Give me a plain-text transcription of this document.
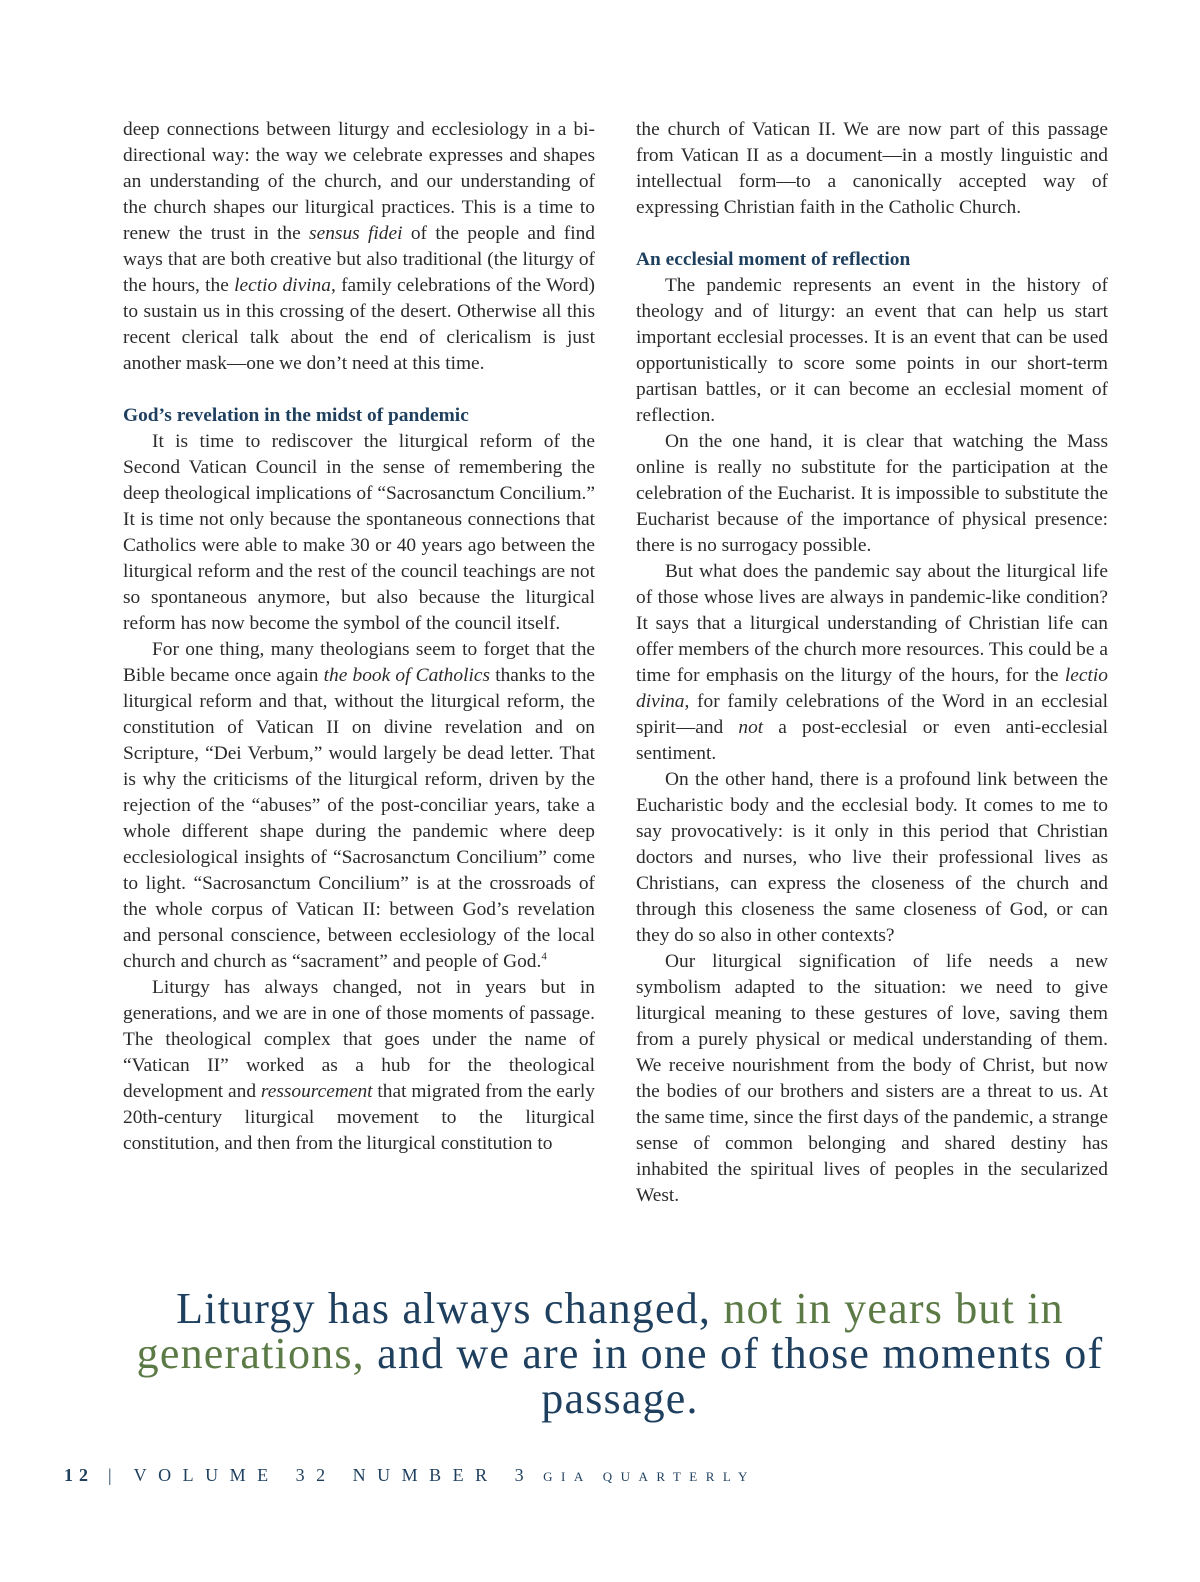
deep connections between liturgy and ecclesiology in a bi-directional way: the way we celebrate expresses and shapes an understanding of the church, and our understanding of the church shapes our liturgical practices. This is a time to renew the trust in the sensus fidei of the people and find ways that are both creative but also traditional (the liturgy of the hours, the lectio divina, family celebrations of the Word) to sustain us in this crossing of the desert. Otherwise all this recent clerical talk about the end of clericalism is just another mask—one we don’t need at this time.

God’s revelation in the midst of pandemic

It is time to rediscover the liturgical reform of the Second Vatican Council in the sense of remembering the deep theological implications of “Sacrosanctum Concilium.” It is time not only because the spontaneous connections that Catholics were able to make 30 or 40 years ago between the liturgical reform and the rest of the council teachings are not so spontaneous anymore, but also because the liturgical reform has now become the symbol of the council itself.

For one thing, many theologians seem to forget that the Bible became once again the book of Catholics thanks to the liturgical reform and that, without the liturgical reform, the constitution of Vatican II on divine revelation and on Scripture, “Dei Verbum,” would largely be dead letter. That is why the criticisms of the liturgical reform, driven by the rejection of the “abuses” of the post-conciliar years, take a whole different shape during the pandemic where deep ecclesiological insights of “Sacrosanctum Concilium” come to light. “Sacrosanctum Concilium” is at the crossroads of the whole corpus of Vatican II: between God’s revelation and personal conscience, between ecclesiology of the local church and church as “sacrament” and people of God.$^4$

Liturgy has always changed, not in years but in generations, and we are in one of those moments of passage. The theological complex that goes under the name of “Vatican II” worked as a hub for the theological development and ressourcement that migrated from the early 20th-century liturgical movement to the liturgical constitution, and then from the liturgical constitution to

the church of Vatican II. We are now part of this passage from Vatican II as a document—in a mostly linguistic and intellectual form—to a canonically accepted way of expressing Christian faith in the Catholic Church.

An ecclesial moment of reflection

The pandemic represents an event in the history of theology and of liturgy: an event that can help us start important ecclesial processes. It is an event that can be used opportunistically to score some points in our short-term partisan battles, or it can become an ecclesial moment of reflection.

On the one hand, it is clear that watching the Mass online is really no substitute for the participation at the celebration of the Eucharist. It is impossible to substitute the Eucharist because of the importance of physical presence: there is no surrogacy possible.

But what does the pandemic say about the liturgical life of those whose lives are always in pandemic-like condition? It says that a liturgical understanding of Christian life can offer members of the church more resources. This could be a time for emphasis on the liturgy of the hours, for the lectio divina, for family celebrations of the Word in an ecclesial spirit—and not a post-ecclesial or even anti-ecclesial sentiment.

On the other hand, there is a profound link between the Eucharistic body and the ecclesial body. It comes to me to say provocatively: is it only in this period that Christian doctors and nurses, who live their professional lives as Christians, can express the closeness of the church and through this closeness the same closeness of God, or can they do so also in other contexts?

Our liturgical signification of life needs a new symbolism adapted to the situation: we need to give liturgical meaning to these gestures of love, saving them from a purely physical or medical understanding of them. We receive nourishment from the body of Christ, but now the bodies of our brothers and sisters are a threat to us. At the same time, since the first days of the pandemic, a strange sense of common belonging and shared destiny has inhabited the spiritual lives of peoples in the secularized West.

Liturgy has always changed, not in years but in generations, and we are in one of those moments of passage.
12 | VOLUME 32 NUMBER 3 GIA QUARTERLY
